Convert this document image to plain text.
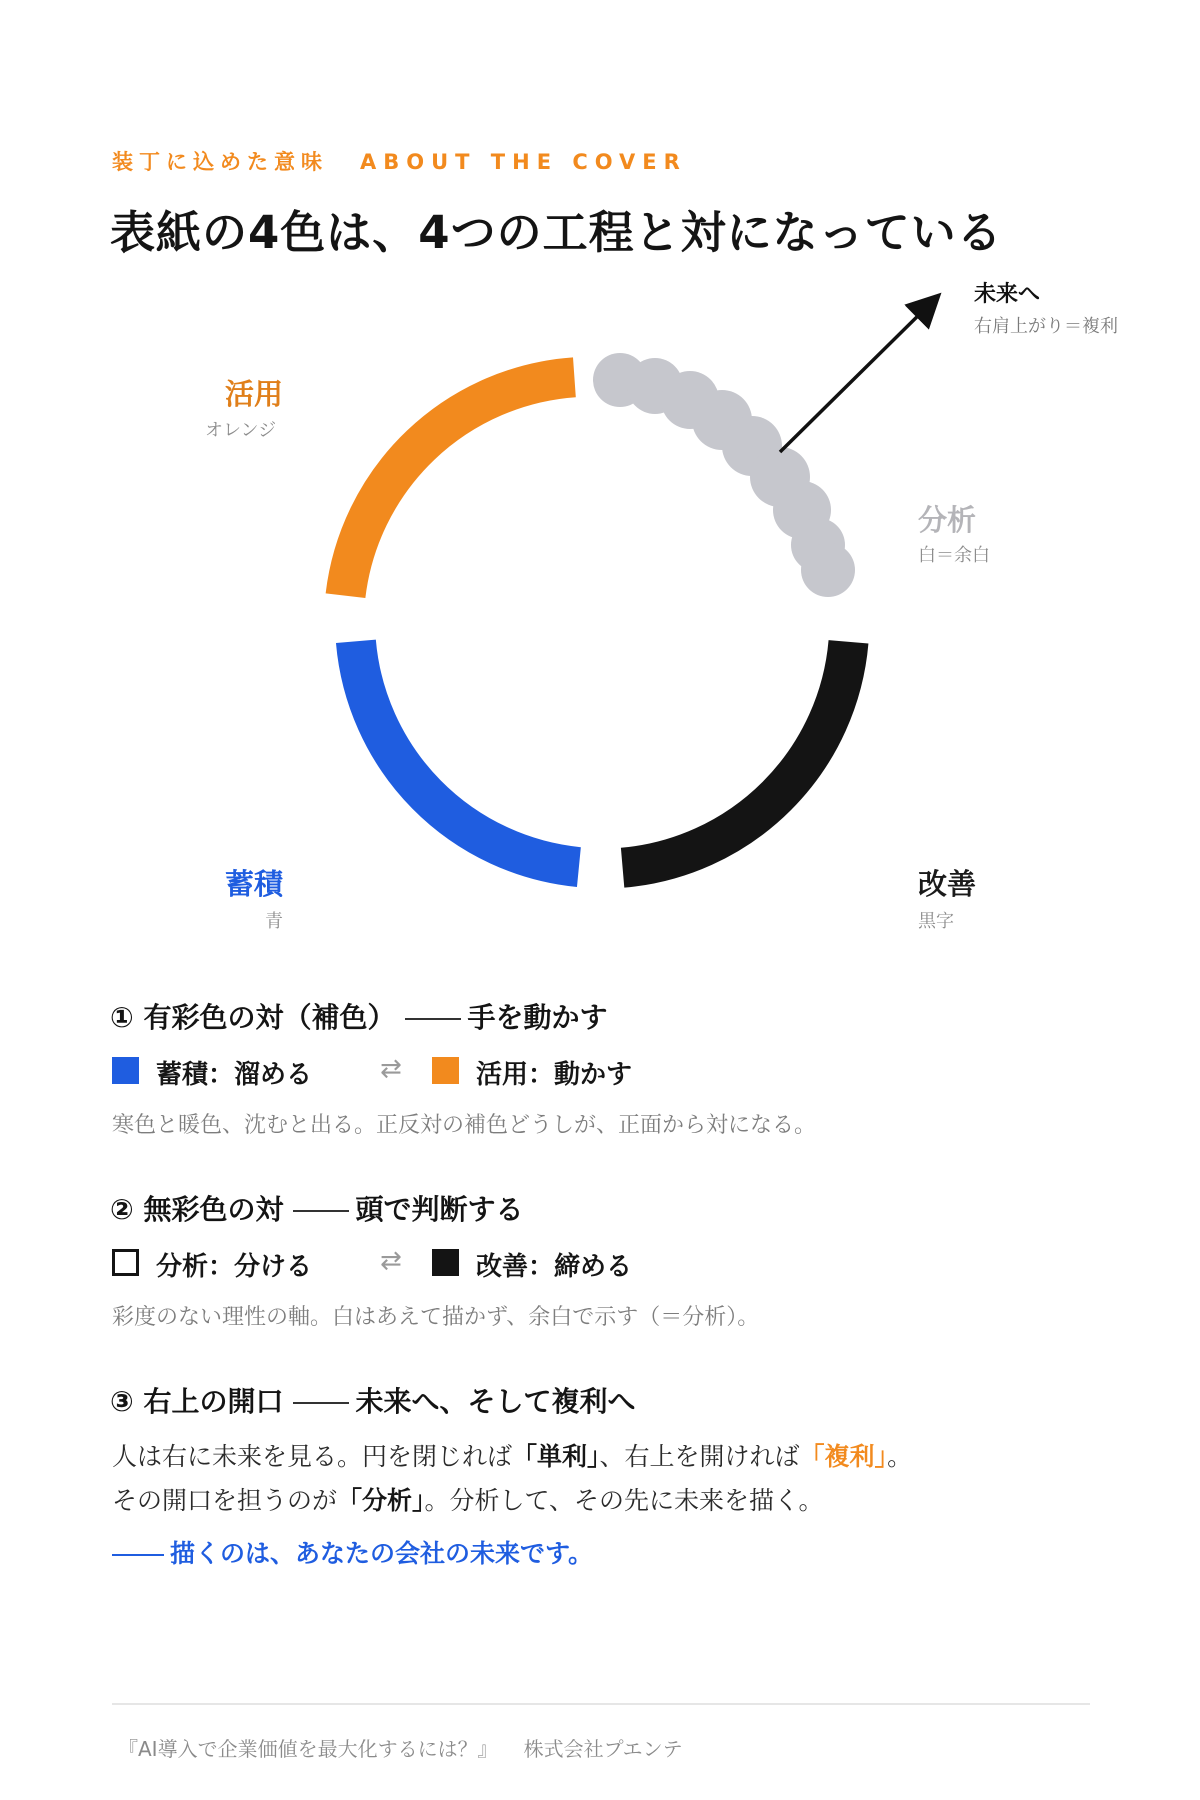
装丁に込めた意味 ABOUT THE COVER
表紙の4色は、4つの工程と対になっている
活用
オレンジ
分析
白＝余白
改善
黒字
蓄積
青
未来へ
右肩上がり＝複利
① 有彩色の対（補色）	手を動かす
蓄積：溜める	⇄	活用：動かす
寒色と暖色、沈むと出る。正反対の補色どうしが、正面から対になる。
② 無彩色の対	頭で判断する
分析：分ける	⇄	改善：締める
彩度のない理性の軸。白はあえて描かず、余白で示す（＝分析）。
③ 右上の開口	未来へ、そして複利へ
人は右に未来を見る。円を閉じれば「単利」、右上を開ければ「複利」。
その開口を担うのが「分析」。分析して、その先に未来を描く。
描くのは、あなたの会社の未来です。
『AI導入で企業価値を最大化するには？』 株式会社プエンテ
